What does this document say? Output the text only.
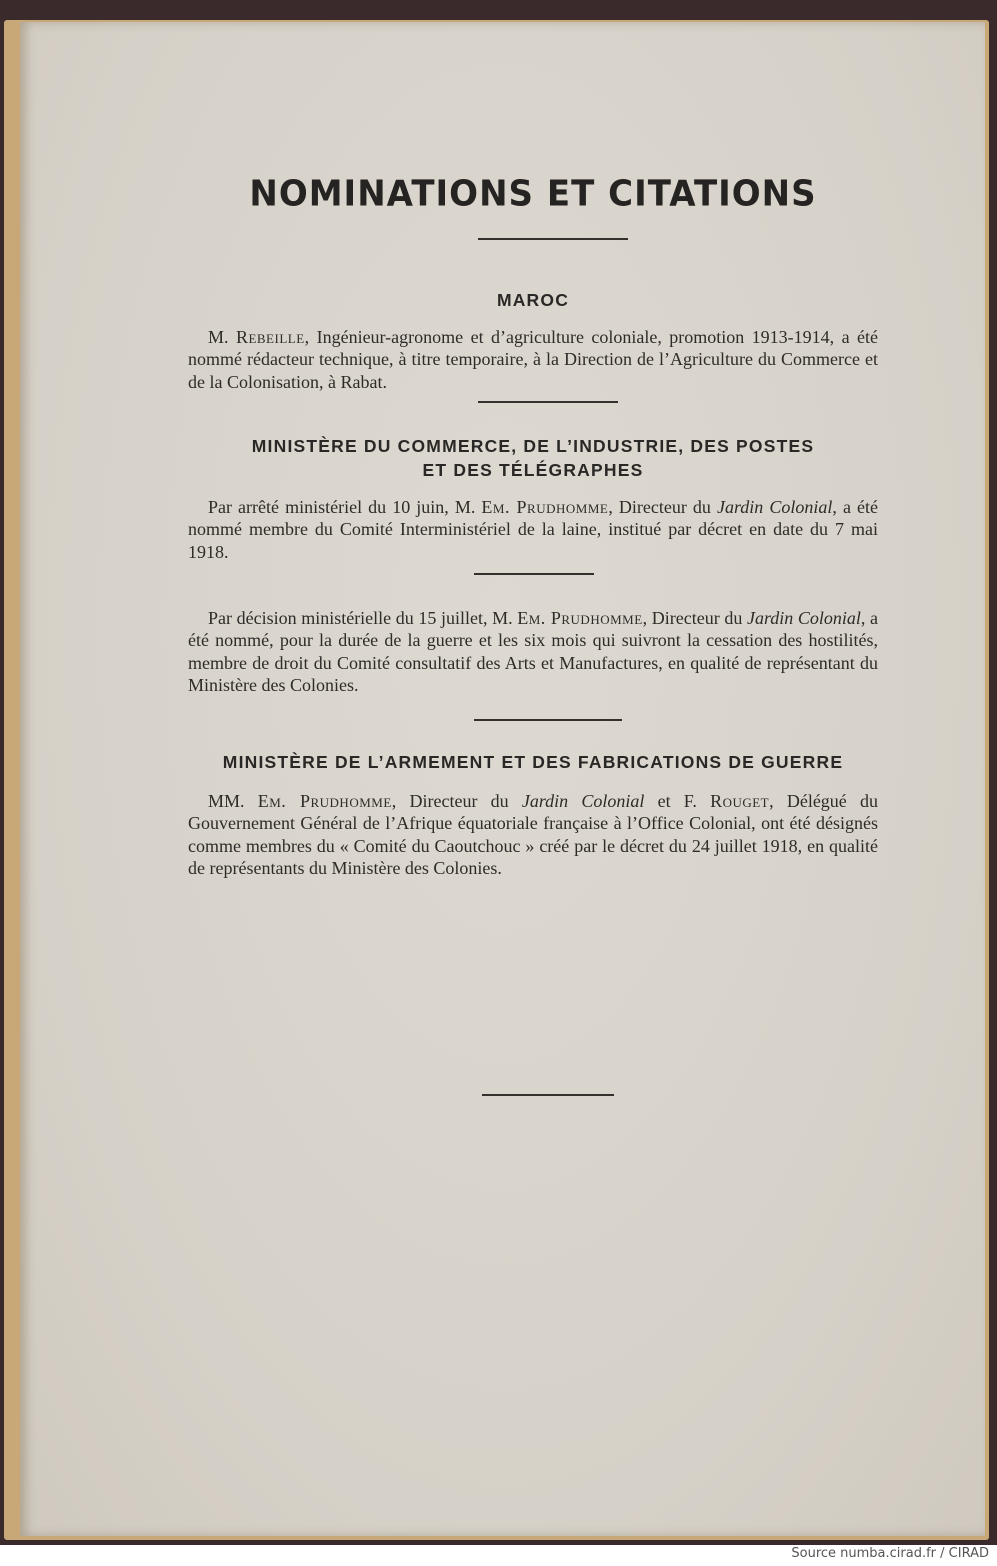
NOMINATIONS ET CITATIONS
MAROC
M. Rebeille, Ingénieur-agronome et d’agriculture coloniale, promotion 1913-1914, a été nommé rédacteur technique, à titre temporaire, à la Direction de l’Agriculture du Commerce et de la Colonisation, à Rabat.
MINISTÈRE DU COMMERCE, DE L’INDUSTRIE, DES POSTES
ET DES TÉLÉGRAPHES
Par arrêté ministériel du 10 juin, M. Em. Prudhomme, Directeur du Jardin Colonial, a été nommé membre du Comité Interministériel de la laine, institué par décret en date du 7 mai 1918.
Par décision ministérielle du 15 juillet, M. Em. Prudhomme, Directeur du Jardin Colonial, a été nommé, pour la durée de la guerre et les six mois qui suivront la cessation des hostilités, membre de droit du Comité consultatif des Arts et Manufactures, en qualité de représentant du Ministère des Colonies.
MINISTÈRE DE L’ARMEMENT ET DES FABRICATIONS DE GUERRE
MM. Em. Prudhomme, Directeur du Jardin Colonial et F. Rouget, Délégué du Gouvernement Général de l’Afrique équatoriale française à l’Office Colonial, ont été désignés comme membres du « Comité du Caoutchouc » créé par le décret du 24 juillet 1918, en qualité de représentants du Ministère des Colonies.
Source numba.cirad.fr / CIRAD
